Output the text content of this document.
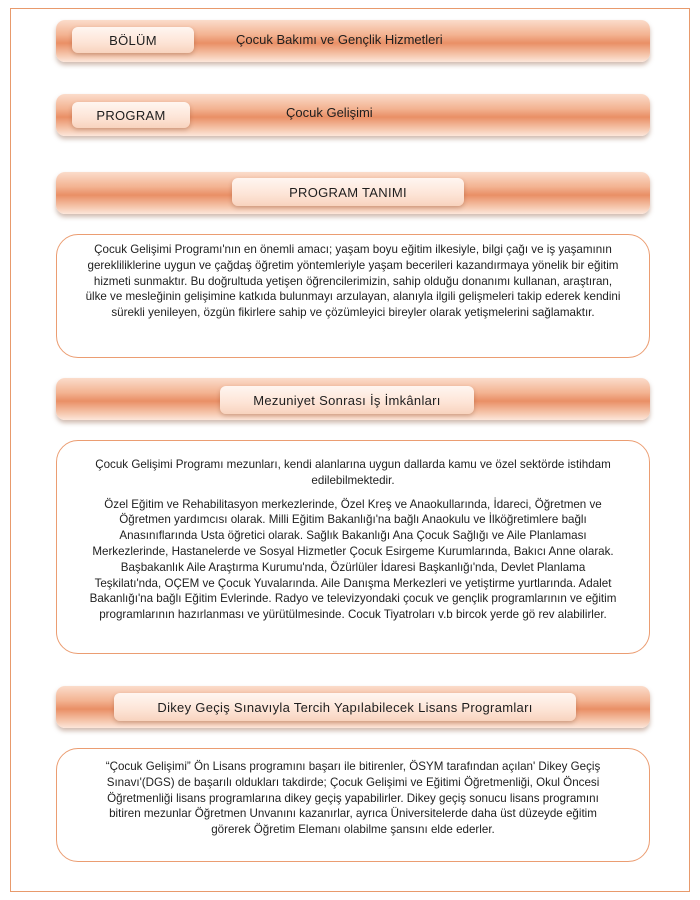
BÖLÜM	Çocuk Bakımı ve Gençlik Hizmetleri
PROGRAM	Çocuk Gelişimi
PROGRAM TANIMI

Çocuk Gelişimi Programı'nın en önemli amacı; yaşam boyu eğitim ilkesiyle, bilgi çağı ve iş yaşamının gerekliliklerine uygun ve çağdaş öğretim yöntemleriyle yaşam becerileri kazandırmaya yönelik bir eğitim hizmeti sunmaktır. Bu doğrultuda yetişen öğrencilerimizin, sahip olduğu donanımı kullanan, araştıran, ülke ve mesleğinin gelişimine katkıda bulunmayı arzulayan, alanıyla ilgili gelişmeleri takip ederek kendini sürekli yenileyen, özgün fikirlere sahip ve çözümleyici bireyler olarak yetişmelerini sağlamaktır.

Mezuniyet Sonrası İş İmkânları

Çocuk Gelişimi Programı mezunları, kendi alanlarına uygun dallarda kamu ve özel sektörde istihdam edilebilmektedir.

Özel Eğitim ve Rehabilitasyon merkezlerinde, Özel Kreş ve Anaokullarında, İdareci, Öğretmen ve Öğretmen yardımcısı olarak. Milli Eğitim Bakanlığı'na bağlı Anaokulu ve İlköğretimlere bağlı Anasınıflarında Usta öğretici olarak. Sağlık Bakanlığı Ana Çocuk Sağlığı ve Aile Planlaması Merkezlerinde, Hastanelerde ve Sosyal Hizmetler Çocuk Esirgeme Kurumlarında, Bakıcı Anne olarak. Başbakanlık Aile Araştırma Kurumu'nda, Özürlüler İdaresi Başkanlığı'nda, Devlet Planlama Teşkilatı'nda, OÇEM ve Çocuk Yuvalarında. Aile Danışma Merkezleri ve yetiştirme yurtlarında. Adalet Bakanlığı'na bağlı Eğitim Evlerinde. Radyo ve televizyondaki çocuk ve gençlik programlarının ve eğitim programlarının hazırlanması ve yürütülmesinde. Cocuk Tiyatroları v.b bircok yerde gö rev alabilirler.

Dikey Geçiş Sınavıyla Tercih Yapılabilecek Lisans Programları

“Çocuk Gelişimi” Ön Lisans programını başarı ile bitirenler, ÖSYM tarafından açılan' Dikey Geçiş Sınavı'(DGS) de başarılı oldukları takdirde; Çocuk Gelişimi ve Eğitimi Öğretmenliği, Okul Öncesi Öğretmenliği lisans programlarına dikey geçiş yapabilirler. Dikey geçiş sonucu lisans programını bitiren mezunlar Öğretmen Unvanını kazanırlar, ayrıca Üniversitelerde daha üst düzeyde eğitim görerek Öğretim Elemanı olabilme şansını elde ederler.
